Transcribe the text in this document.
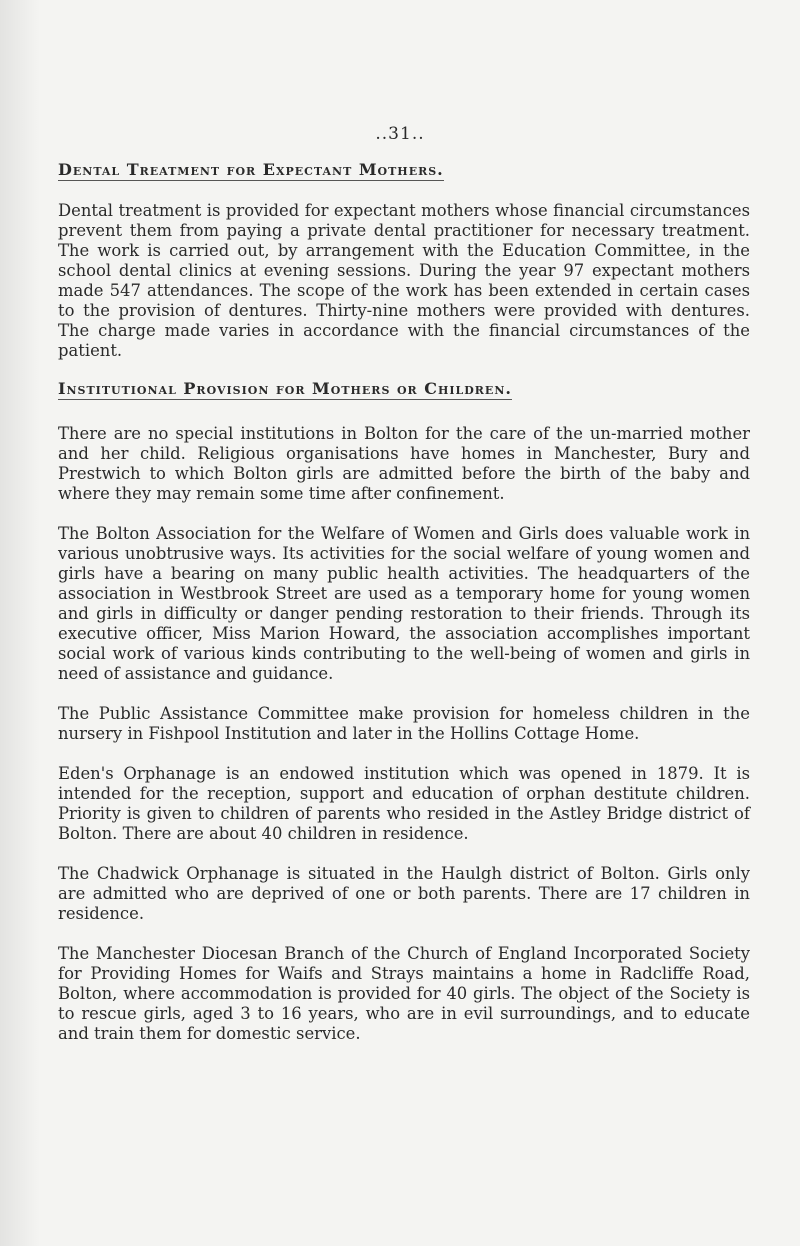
..31..
Dental Treatment for Expectant Mothers.

Dental treatment is provided for expectant mothers whose financial circumstances prevent them from paying a private dental practitioner for necessary treatment. The work is carried out, by arrangement with the Education Committee, in the school dental clinics at evening sessions. During the year 97 expectant mothers made 547 attendances. The scope of the work has been extended in certain cases to the provision of dentures. Thirty-nine mothers were provided with dentures. The charge made varies in accordance with the financial circumstances of the patient.

Institutional Provision for Mothers or Children.

There are no special institutions in Bolton for the care of the un-married mother and her child. Religious organisations have homes in Manchester, Bury and Prestwich to which Bolton girls are admitted before the birth of the baby and where they may remain some time after confinement.

The Bolton Association for the Welfare of Women and Girls does valuable work in various unobtrusive ways. Its activities for the social welfare of young women and girls have a bearing on many public health activities. The headquarters of the association in Westbrook Street are used as a temporary home for young women and girls in difficulty or danger pending restoration to their friends. Through its executive officer, Miss Marion Howard, the association accomplishes important social work of various kinds contributing to the well-being of women and girls in need of assistance and guidance.

The Public Assistance Committee make provision for homeless children in the nursery in Fishpool Institution and later in the Hollins Cottage Home.

Eden's Orphanage is an endowed institution which was opened in 1879. It is intended for the reception, support and education of orphan destitute children. Priority is given to children of parents who resided in the Astley Bridge district of Bolton. There are about 40 children in residence.

The Chadwick Orphanage is situated in the Haulgh district of Bolton. Girls only are admitted who are deprived of one or both parents. There are 17 children in residence.

The Manchester Diocesan Branch of the Church of England Incorporated Society for Providing Homes for Waifs and Strays maintains a home in Radcliffe Road, Bolton, where accommodation is provided for 40 girls. The object of the Society is to rescue girls, aged 3 to 16 years, who are in evil surroundings, and to educate and train them for domestic service.
